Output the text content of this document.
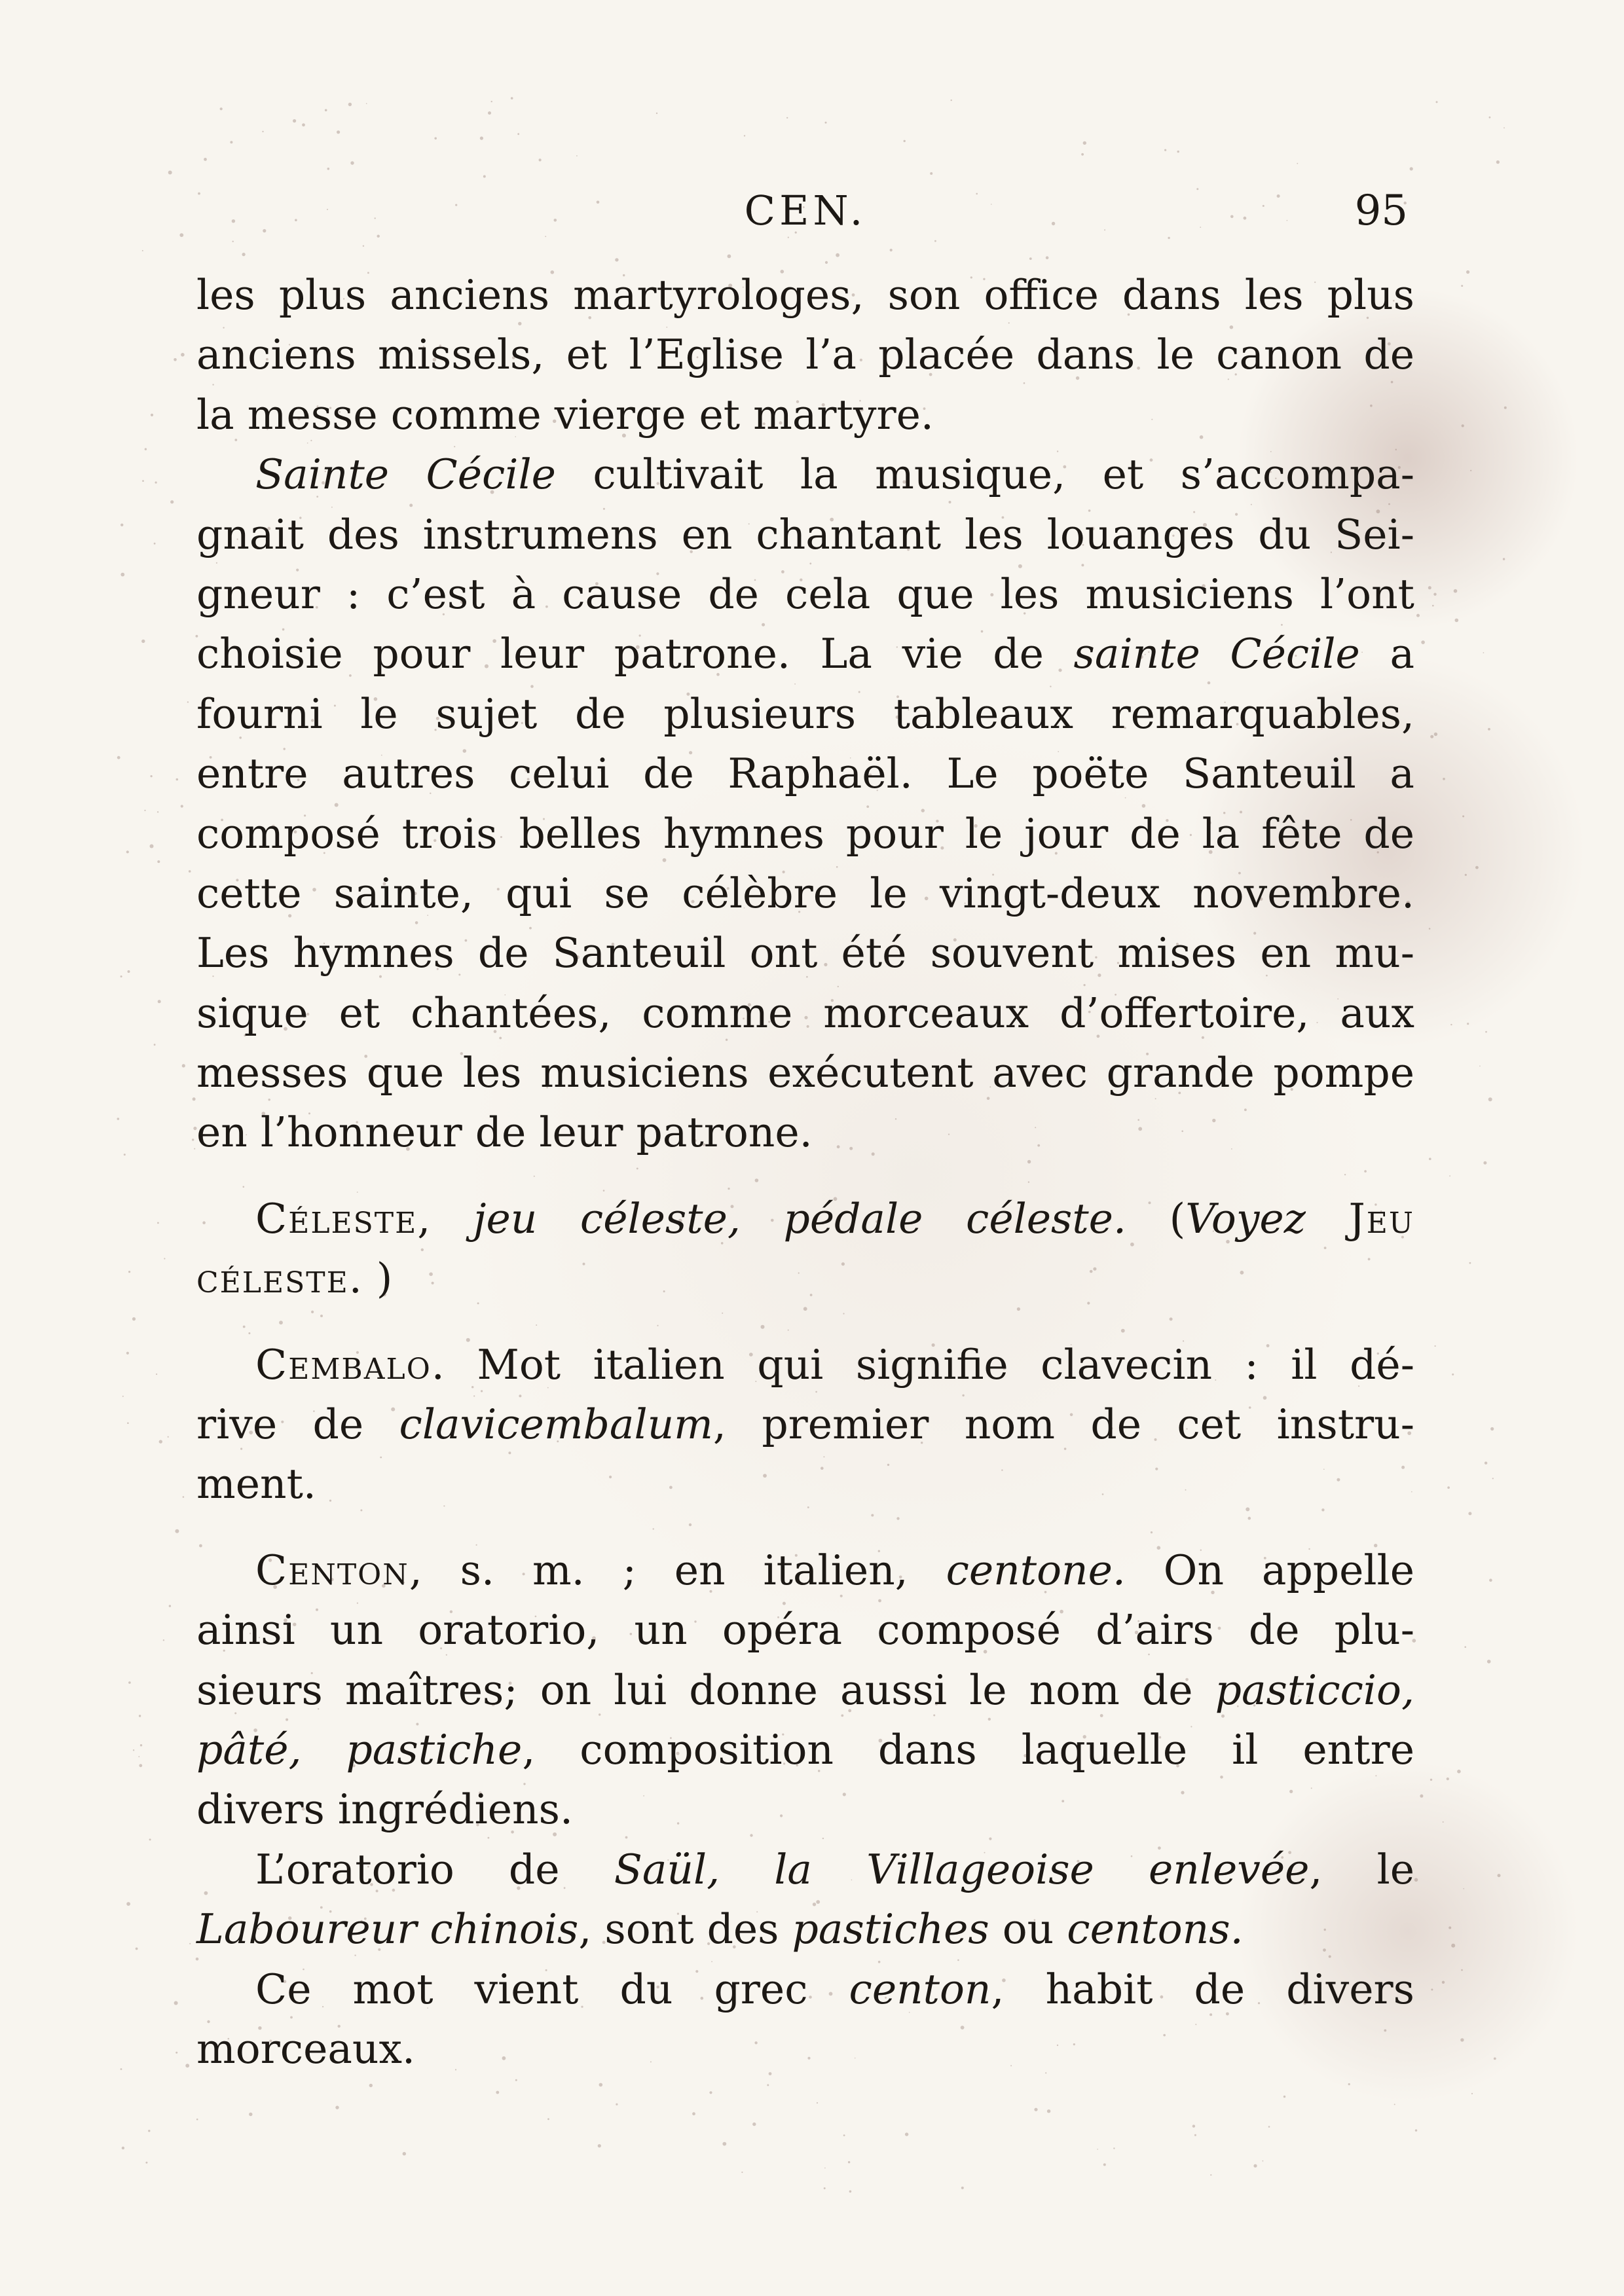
CEN.	95
les plus anciens martyrologes, son office dans les plus
anciens missels, et l’Eglise l’a placée dans le canon de
la messe comme vierge et martyre.
Sainte Cécile cultivait la musique, et s’accompa-
gnait des instrumens en chantant les louanges du Sei-
gneur : c’est à cause de cela que les musiciens l’ont
choisie pour leur patrone. La vie de sainte Cécile a
fourni le sujet de plusieurs tableaux remarquables,
entre autres celui de Raphaël. Le poëte Santeuil a
composé trois belles hymnes pour le jour de la fête de
cette sainte, qui se célèbre le vingt-deux novembre.
Les hymnes de Santeuil ont été souvent mises en mu-
sique et chantées, comme morceaux d’offertoire, aux
messes que les musiciens exécutent avec grande pompe
en l’honneur de leur patrone.
Céleste, jeu céleste, pédale céleste. (Voyez Jeu
céleste. )
Cembalo. Mot italien qui signifie clavecin : il dé-
rive de clavicembalum, premier nom de cet instru-
ment.
Centon, s. m. ; en italien, centone. On appelle
ainsi un oratorio, un opéra composé d’airs de plu-
sieurs maîtres; on lui donne aussi le nom de pasticcio,
pâté, pastiche, composition dans laquelle il entre
divers ingrédiens.
L’oratorio de Saül, la Villageoise enlevée, le
Laboureur chinois, sont des pastiches ou centons.
Ce mot vient du grec centon, habit de divers
morceaux.
